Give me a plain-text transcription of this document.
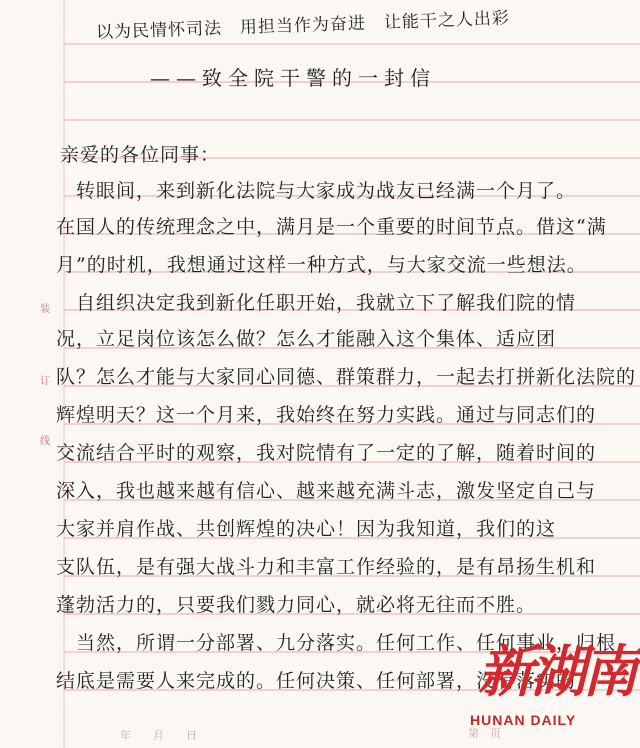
装
订
线
以为民情怀司法　用担当作为奋进　让能干之人出彩
——致全院干警的一封信
亲爱的各位同事：
　转眼间，来到新化法院与大家成为战友已经满一个月了。
在国人的传统理念之中，满月是一个重要的时间节点。借这“满
月”的时机，我想通过这样一种方式，与大家交流一些想法。
　自组织决定我到新化任职开始，我就立下了解我们院的情
况，立足岗位该怎么做？怎么才能融入这个集体、适应团
队？怎么才能与大家同心同德、群策群力，一起去打拼新化法院的
辉煌明天？这一个月来，我始终在努力实践。通过与同志们的
交流结合平时的观察，我对院情有了一定的了解，随着时间的
深入，我也越来越有信心、越来越充满斗志，激发坚定自己与
大家并肩作战、共创辉煌的决心！因为我知道，我们的这
支队伍，是有强大战斗力和丰富工作经验的，是有昂扬生机和
蓬勃活力的，只要我们戮力同心，就必将无往而不胜。
　当然，所谓一分部署、九分落实。任何工作、任何事业，归根
结底是需要人来完成的。任何决策、任何部署，没有落实的
年月日	第　页
新湖南
HUNAN DAILY
